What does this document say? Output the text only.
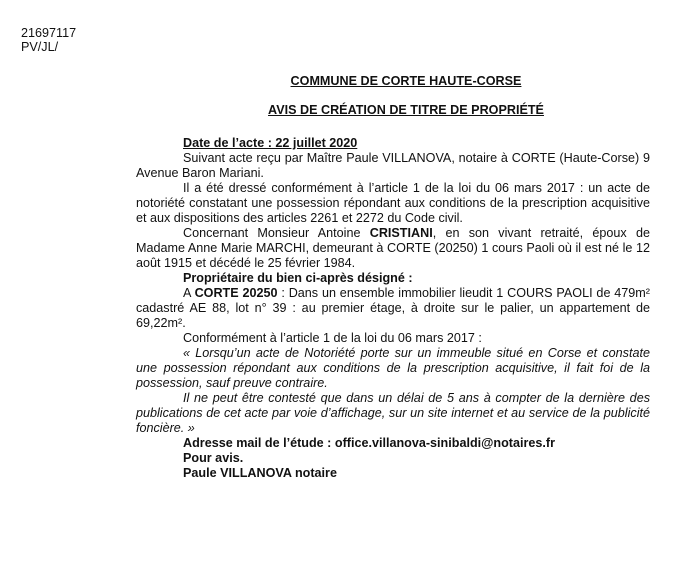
21697117
PV/JL/
COMMUNE DE CORTE HAUTE-CORSE
AVIS DE CRÉATION DE TITRE DE PROPRIÉTÉ

Date de l’acte : 22 juillet 2020

Suivant acte reçu par Maître Paule VILLANOVA, notaire à CORTE (Haute-Corse) 9 Avenue Baron Mariani.

Il a été dressé conformément à l’article 1 de la loi du 06 mars 2017 : un acte de notoriété constatant une possession répondant aux conditions de la prescription acquisitive et aux dispositions des articles 2261 et 2272 du Code civil.

Concernant Monsieur Antoine CRISTIANI, en son vivant retraité, époux de Madame Anne Marie MARCHI, demeurant à CORTE (20250) 1 cours Paoli où il est né le 12 août 1915 et décédé le 25 février 1984.

Propriétaire du bien ci-après désigné :

A CORTE 20250 : Dans un ensemble immobilier lieudit 1 COURS PAOLI de 479m² cadastré AE 88, lot n° 39 : au premier étage, à droite sur le palier, un appartement de 69,22m².

Conformément à l’article 1 de la loi du 06 mars 2017 :

« Lorsqu’un acte de Notoriété porte sur un immeuble situé en Corse et constate une possession répondant aux conditions de la prescription acquisitive, il fait foi de la possession, sauf preuve contraire.

Il ne peut être contesté que dans un délai de 5 ans à compter de la dernière des publications de cet acte par voie d’affichage, sur un site internet et au service de la publicité foncière. »

Adresse mail de l’étude : office.villanova-sinibaldi@notaires.fr

Pour avis.

Paule VILLANOVA notaire
